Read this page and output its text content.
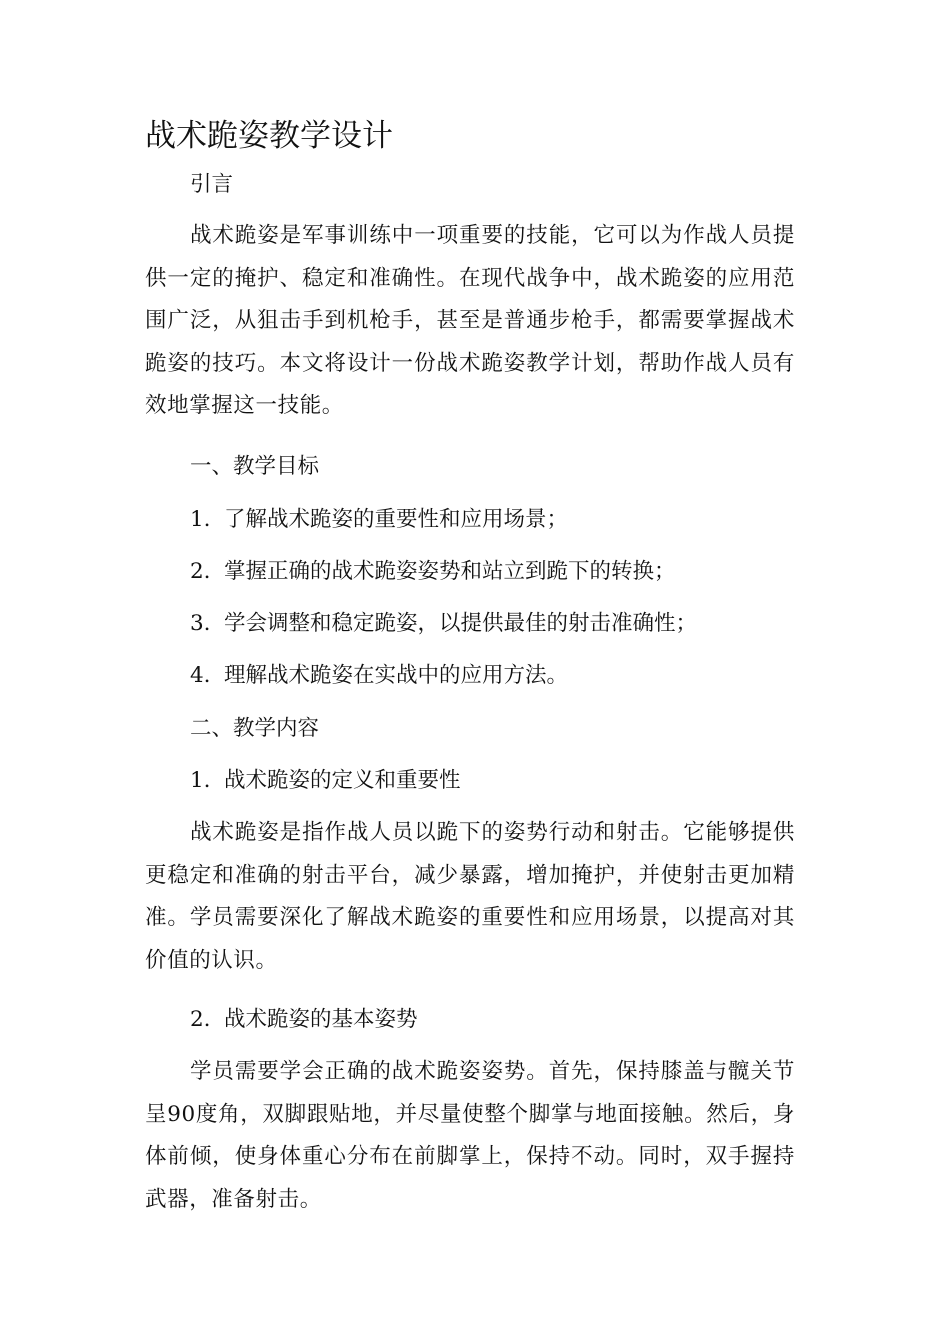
战术跪姿教学设计

引言

战术跪姿是军事训练中一项重要的技能，它可以为作战人员提供一定的掩护、稳定和准确性。在现代战争中，战术跪姿的应用范围广泛，从狙击手到机枪手，甚至是普通步枪手，都需要掌握战术跪姿的技巧。本文将设计一份战术跪姿教学计划，帮助作战人员有效地掌握这一技能。

一、教学目标

1. 了解战术跪姿的重要性和应用场景；

2. 掌握正确的战术跪姿姿势和站立到跪下的转换；

3. 学会调整和稳定跪姿，以提供最佳的射击准确性；

4. 理解战术跪姿在实战中的应用方法。

二、教学内容

1. 战术跪姿的定义和重要性

战术跪姿是指作战人员以跪下的姿势行动和射击。它能够提供更稳定和准确的射击平台，减少暴露，增加掩护，并使射击更加精准。学员需要深化了解战术跪姿的重要性和应用场景，以提高对其价值的认识。

2. 战术跪姿的基本姿势

学员需要学会正确的战术跪姿姿势。首先，保持膝盖与髋关节呈90度角，双脚跟贴地，并尽量使整个脚掌与地面接触。然后，身体前倾，使身体重心分布在前脚掌上，保持不动。同时，双手握持武器，准备射击。
